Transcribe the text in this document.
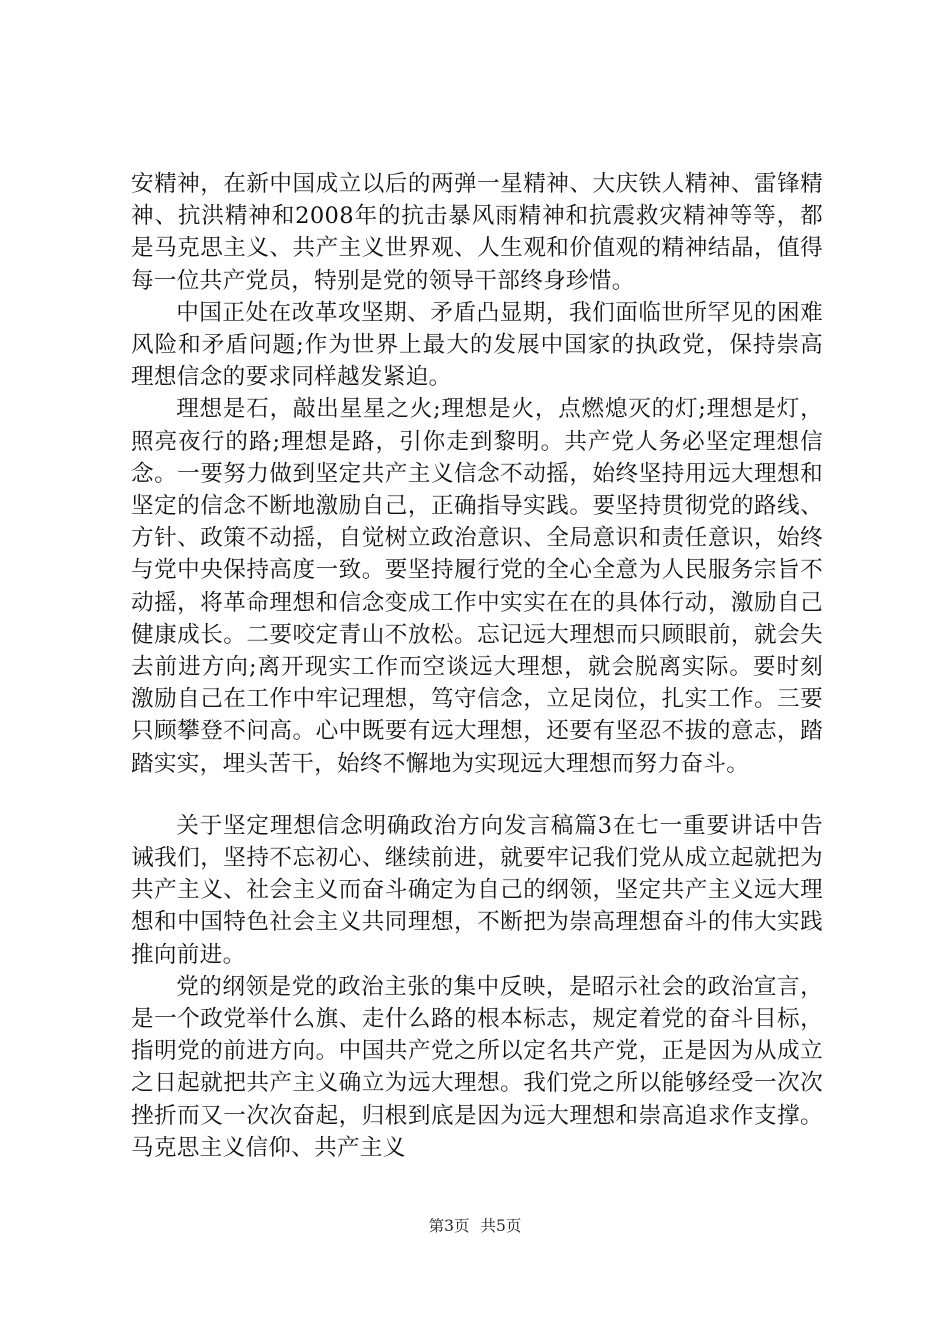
安精神，在新中国成立以后的两弹一星精神、大庆铁人精神、雷锋精神、抗洪精神和2008年的抗击暴风雨精神和抗震救灾精神等等，都是马克思主义、共产主义世界观、人生观和价值观的精神结晶，值得每一位共产党员，特别是党的领导干部终身珍惜。

中国正处在改革攻坚期、矛盾凸显期，我们面临世所罕见的困难风险和矛盾问题;作为世界上最大的发展中国家的执政党，保持崇高理想信念的要求同样越发紧迫。

理想是石，敲出星星之火;理想是火，点燃熄灭的灯;理想是灯，照亮夜行的路;理想是路，引你走到黎明。共产党人务必坚定理想信念。一要努力做到坚定共产主义信念不动摇，始终坚持用远大理想和坚定的信念不断地激励自己，正确指导实践。要坚持贯彻党的路线、方针、政策不动摇，自觉树立政治意识、全局意识和责任意识，始终与党中央保持高度一致。要坚持履行党的全心全意为人民服务宗旨不动摇，将革命理想和信念变成工作中实实在在的具体行动，激励自己健康成长。二要咬定青山不放松。忘记远大理想而只顾眼前，就会失去前进方向;离开现实工作而空谈远大理想，就会脱离实际。要时刻激励自己在工作中牢记理想，笃守信念，立足岗位，扎实工作。三要只顾攀登不问高。心中既要有远大理想，还要有坚忍不拔的意志，踏踏实实，埋头苦干，始终不懈地为实现远大理想而努力奋斗。

关于坚定理想信念明确政治方向发言稿篇3在七一重要讲话中告诫我们，坚持不忘初心、继续前进，就要牢记我们党从成立起就把为共产主义、社会主义而奋斗确定为自己的纲领，坚定共产主义远大理想和中国特色社会主义共同理想，不断把为崇高理想奋斗的伟大实践推向前进。

党的纲领是党的政治主张的集中反映，是昭示社会的政治宣言，是一个政党举什么旗、走什么路的根本标志，规定着党的奋斗目标，指明党的前进方向。中国共产党之所以定名共产党，正是因为从成立之日起就把共产主义确立为远大理想。我们党之所以能够经受一次次挫折而又一次次奋起，归根到底是因为远大理想和崇高追求作支撑。马克思主义信仰、共产主义

第3页 共5页
